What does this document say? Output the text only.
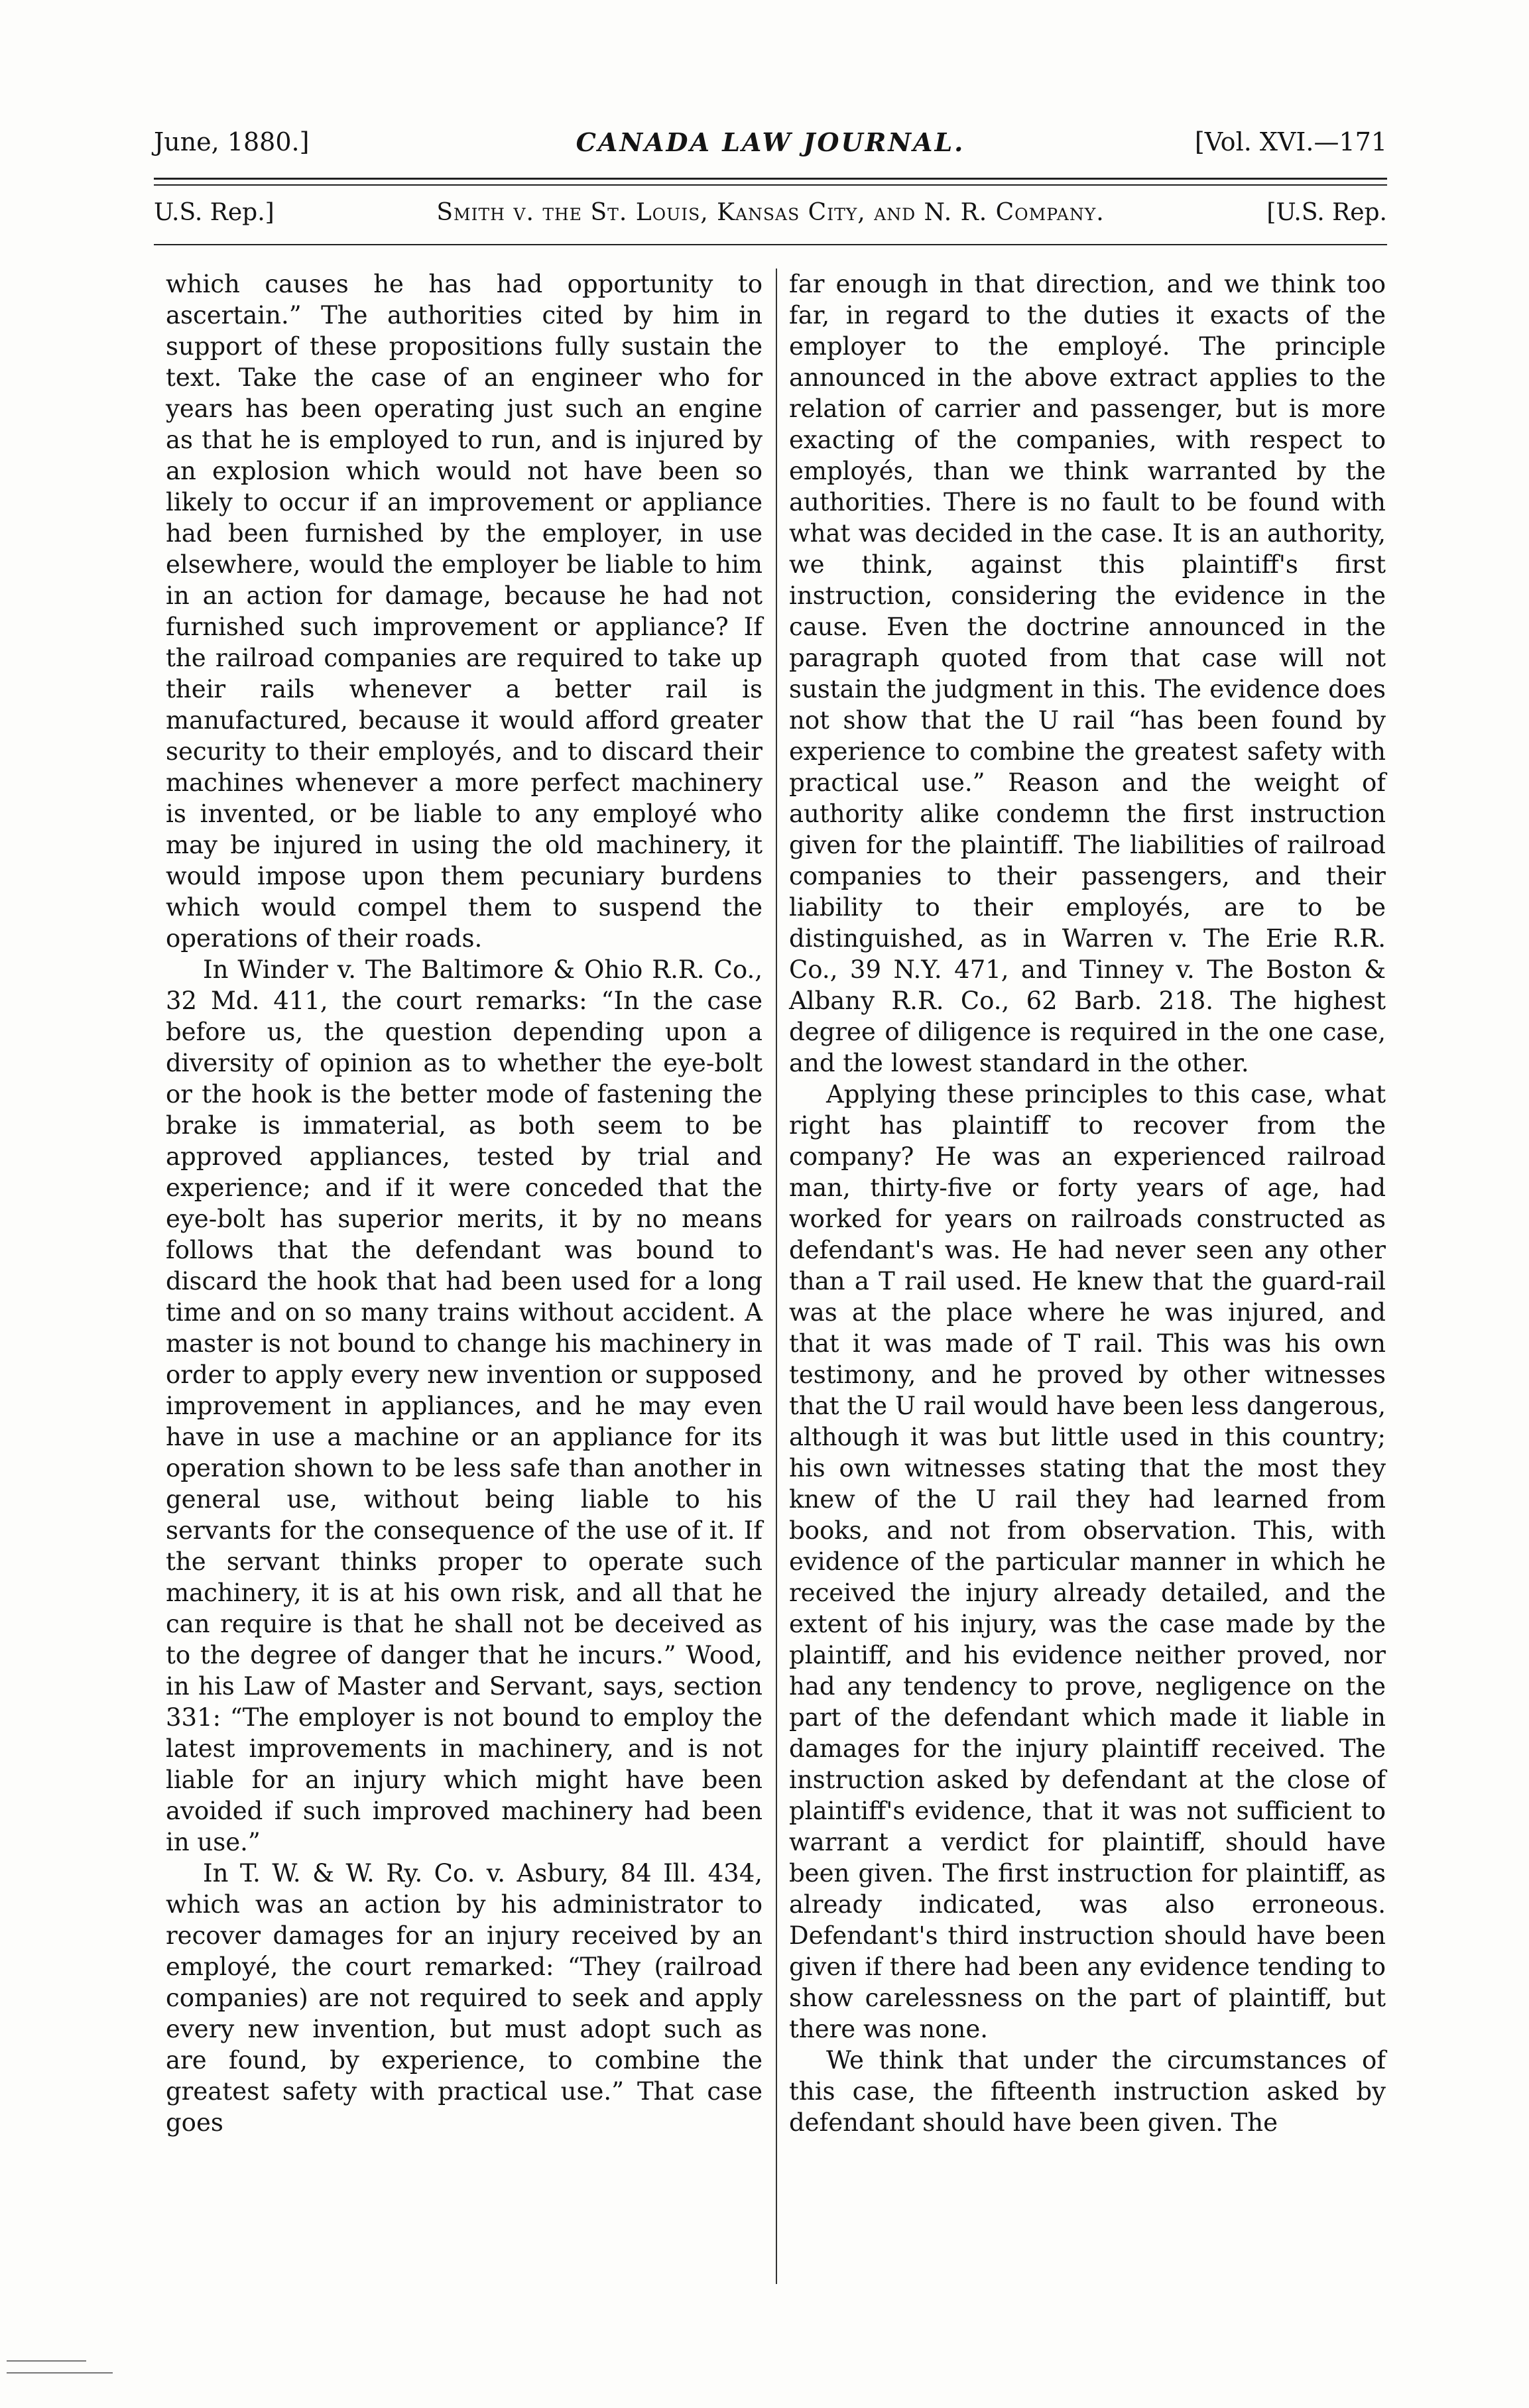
June, 1880.]	CANADA LAW JOURNAL.	[Vol. XVI.—171
U.S. Rep.]	Smith v. the St. Louis, Kansas City, and N. R. Company.	[U.S. Rep.

which causes he has had opportunity to ascertain.” The authorities cited by him in support of these propositions fully sustain the text. Take the case of an engineer who for years has been operating just such an engine as that he is employed to run, and is injured by an explosion which would not have been so likely to occur if an improvement or appliance had been furnished by the employer, in use elsewhere, would the employer be liable to him in an action for damage, because he had not furnished such improvement or appliance? If the railroad companies are required to take up their rails whenever a better rail is manufactured, because it would afford greater security to their employés, and to discard their machines whenever a more perfect machinery is invented, or be liable to any employé who may be injured in using the old machinery, it would impose upon them pecuniary burdens which would compel them to suspend the operations of their roads.

In Winder v. The Baltimore & Ohio R.R. Co., 32 Md. 411, the court remarks: “In the case before us, the question depending upon a diversity of opinion as to whether the eye-bolt or the hook is the better mode of fastening the brake is immaterial, as both seem to be approved appliances, tested by trial and experience; and if it were conceded that the eye-bolt has superior merits, it by no means follows that the defendant was bound to discard the hook that had been used for a long time and on so many trains without accident. A master is not bound to change his machinery in order to apply every new invention or supposed improvement in appliances, and he may even have in use a machine or an appliance for its operation shown to be less safe than another in general use, without being liable to his servants for the consequence of the use of it. If the servant thinks proper to operate such machinery, it is at his own risk, and all that he can require is that he shall not be deceived as to the degree of danger that he incurs.” Wood, in his Law of Master and Servant, says, section 331: “The employer is not bound to employ the latest improvements in machinery, and is not liable for an injury which might have been avoided if such improved machinery had been in use.”

In T. W. & W. Ry. Co. v. Asbury, 84 Ill. 434, which was an action by his administrator to recover damages for an injury received by an employé, the court remarked: “They (railroad companies) are not required to seek and apply every new invention, but must adopt such as are found, by experience, to combine the greatest safety with practical use.” That case goes

far enough in that direction, and we think too far, in regard to the duties it exacts of the employer to the employé. The principle announced in the above extract applies to the relation of carrier and passenger, but is more exacting of the companies, with respect to employés, than we think warranted by the authorities. There is no fault to be found with what was decided in the case. It is an authority, we think, against this plaintiff's first instruction, considering the evidence in the cause. Even the doctrine announced in the paragraph quoted from that case will not sustain the judgment in this. The evidence does not show that the U rail “has been found by experience to combine the greatest safety with practical use.” Reason and the weight of authority alike condemn the first instruction given for the plaintiff. The liabilities of railroad companies to their passengers, and their liability to their employés, are to be distinguished, as in Warren v. The Erie R.R. Co., 39 N.Y. 471, and Tinney v. The Boston & Albany R.R. Co., 62 Barb. 218. The highest degree of diligence is required in the one case, and the lowest standard in the other.

Applying these principles to this case, what right has plaintiff to recover from the company? He was an experienced railroad man, thirty-five or forty years of age, had worked for years on railroads constructed as defendant's was. He had never seen any other than a T rail used. He knew that the guard-rail was at the place where he was injured, and that it was made of T rail. This was his own testimony, and he proved by other witnesses that the U rail would have been less dangerous, although it was but little used in this country; his own witnesses stating that the most they knew of the U rail they had learned from books, and not from observation. This, with evidence of the particular manner in which he received the injury already detailed, and the extent of his injury, was the case made by the plaintiff, and his evidence neither proved, nor had any tendency to prove, negligence on the part of the defendant which made it liable in damages for the injury plaintiff received. The instruction asked by defendant at the close of plaintiff's evidence, that it was not sufficient to warrant a verdict for plaintiff, should have been given. The first instruction for plaintiff, as already indicated, was also erroneous. Defendant's third instruction should have been given if there had been any evidence tending to show carelessness on the part of plaintiff, but there was none.

We think that under the circumstances of this case, the fifteenth instruction asked by defendant should have been given. The
